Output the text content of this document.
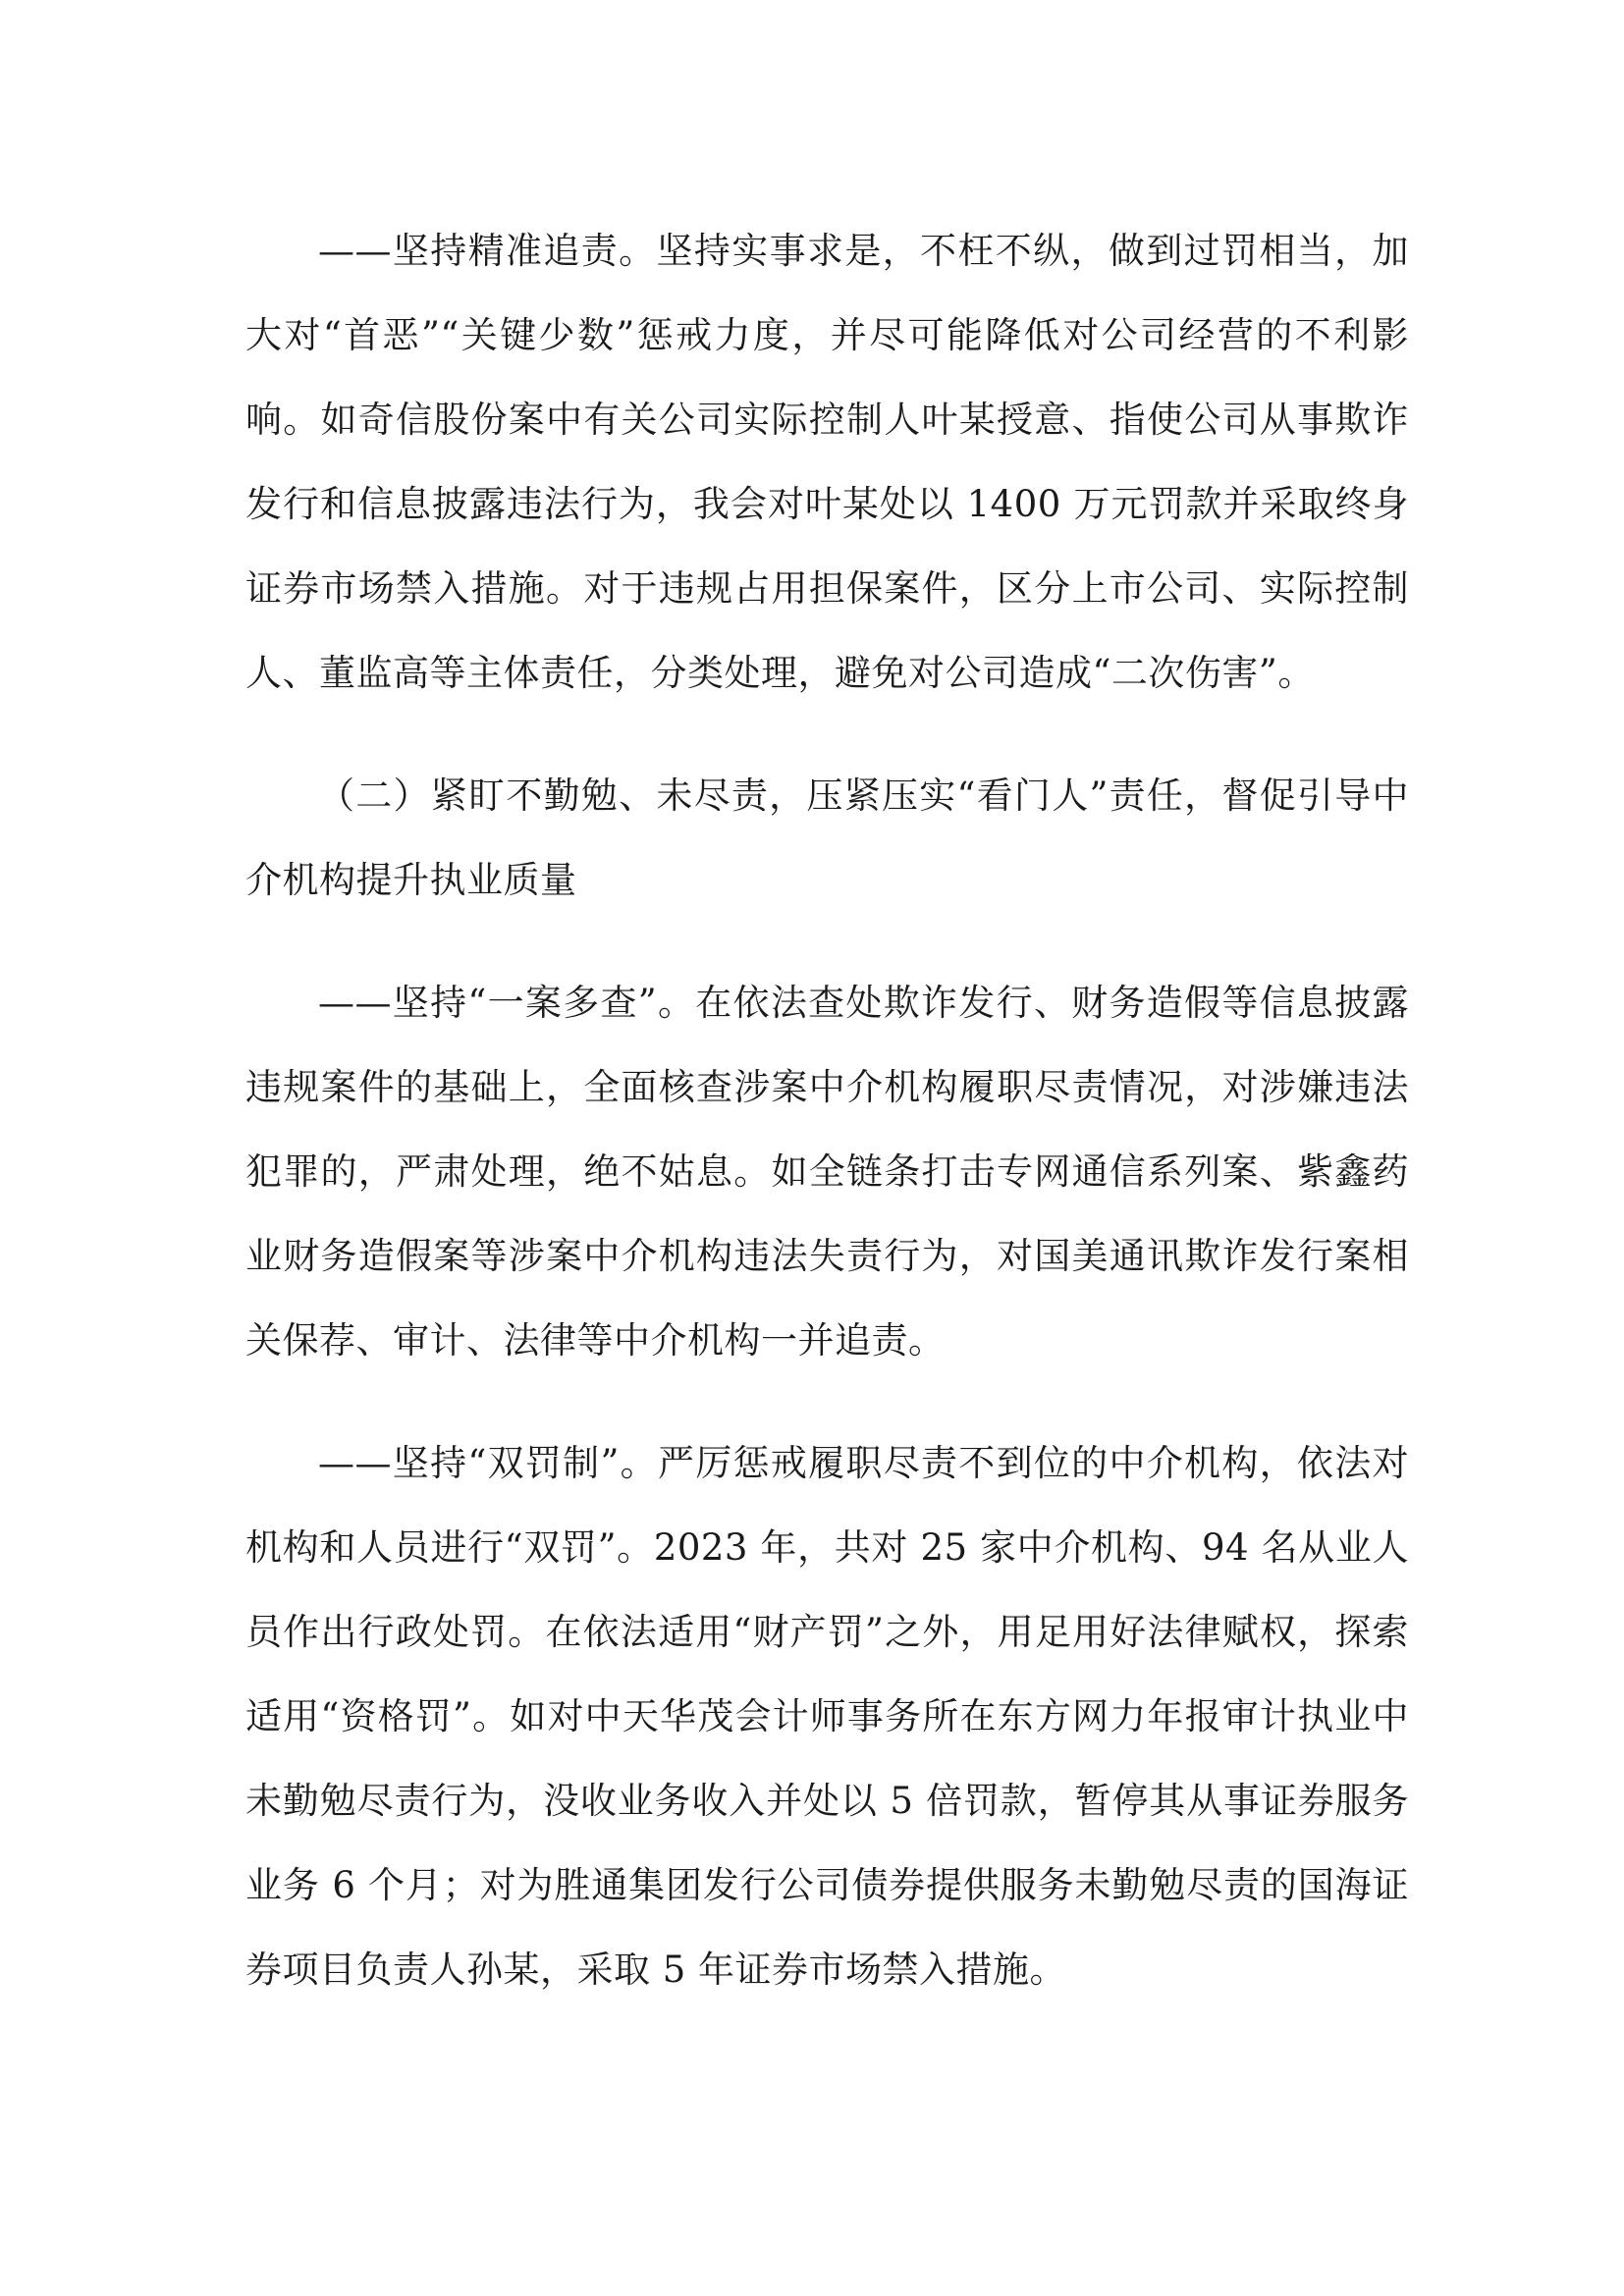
——坚持精准追责。坚持实事求是，不枉不纵，做到过罚相当，加大对“首恶”“关键少数”惩戒力度，并尽可能降低对公司经营的不利影响。如奇信股份案中有关公司实际控制人叶某授意、指使公司从事欺诈发行和信息披露违法行为，我会对叶某处以 1400 万元罚款并采取终身证券市场禁入措施。对于违规占用担保案件，区分上市公司、实际控制人、董监高等主体责任，分类处理，避免对公司造成“二次伤害”。

（二）紧盯不勤勉、未尽责，压紧压实“看门人”责任，督促引导中介机构提升执业质量

——坚持“一案多查”。在依法查处欺诈发行、财务造假等信息披露违规案件的基础上，全面核查涉案中介机构履职尽责情况，对涉嫌违法犯罪的，严肃处理，绝不姑息。如全链条打击专网通信系列案、紫鑫药业财务造假案等涉案中介机构违法失责行为，对国美通讯欺诈发行案相关保荐、审计、法律等中介机构一并追责。

——坚持“双罚制”。严厉惩戒履职尽责不到位的中介机构，依法对机构和人员进行“双罚”。2023 年，共对 25 家中介机构、94 名从业人员作出行政处罚。在依法适用“财产罚”之外，用足用好法律赋权，探索适用“资格罚”。如对中天华茂会计师事务所在东方网力年报审计执业中未勤勉尽责行为，没收业务收入并处以 5 倍罚款，暂停其从事证券服务业务 6 个月；对为胜通集团发行公司债券提供服务未勤勉尽责的国海证券项目负责人孙某，采取 5 年证券市场禁入措施。
